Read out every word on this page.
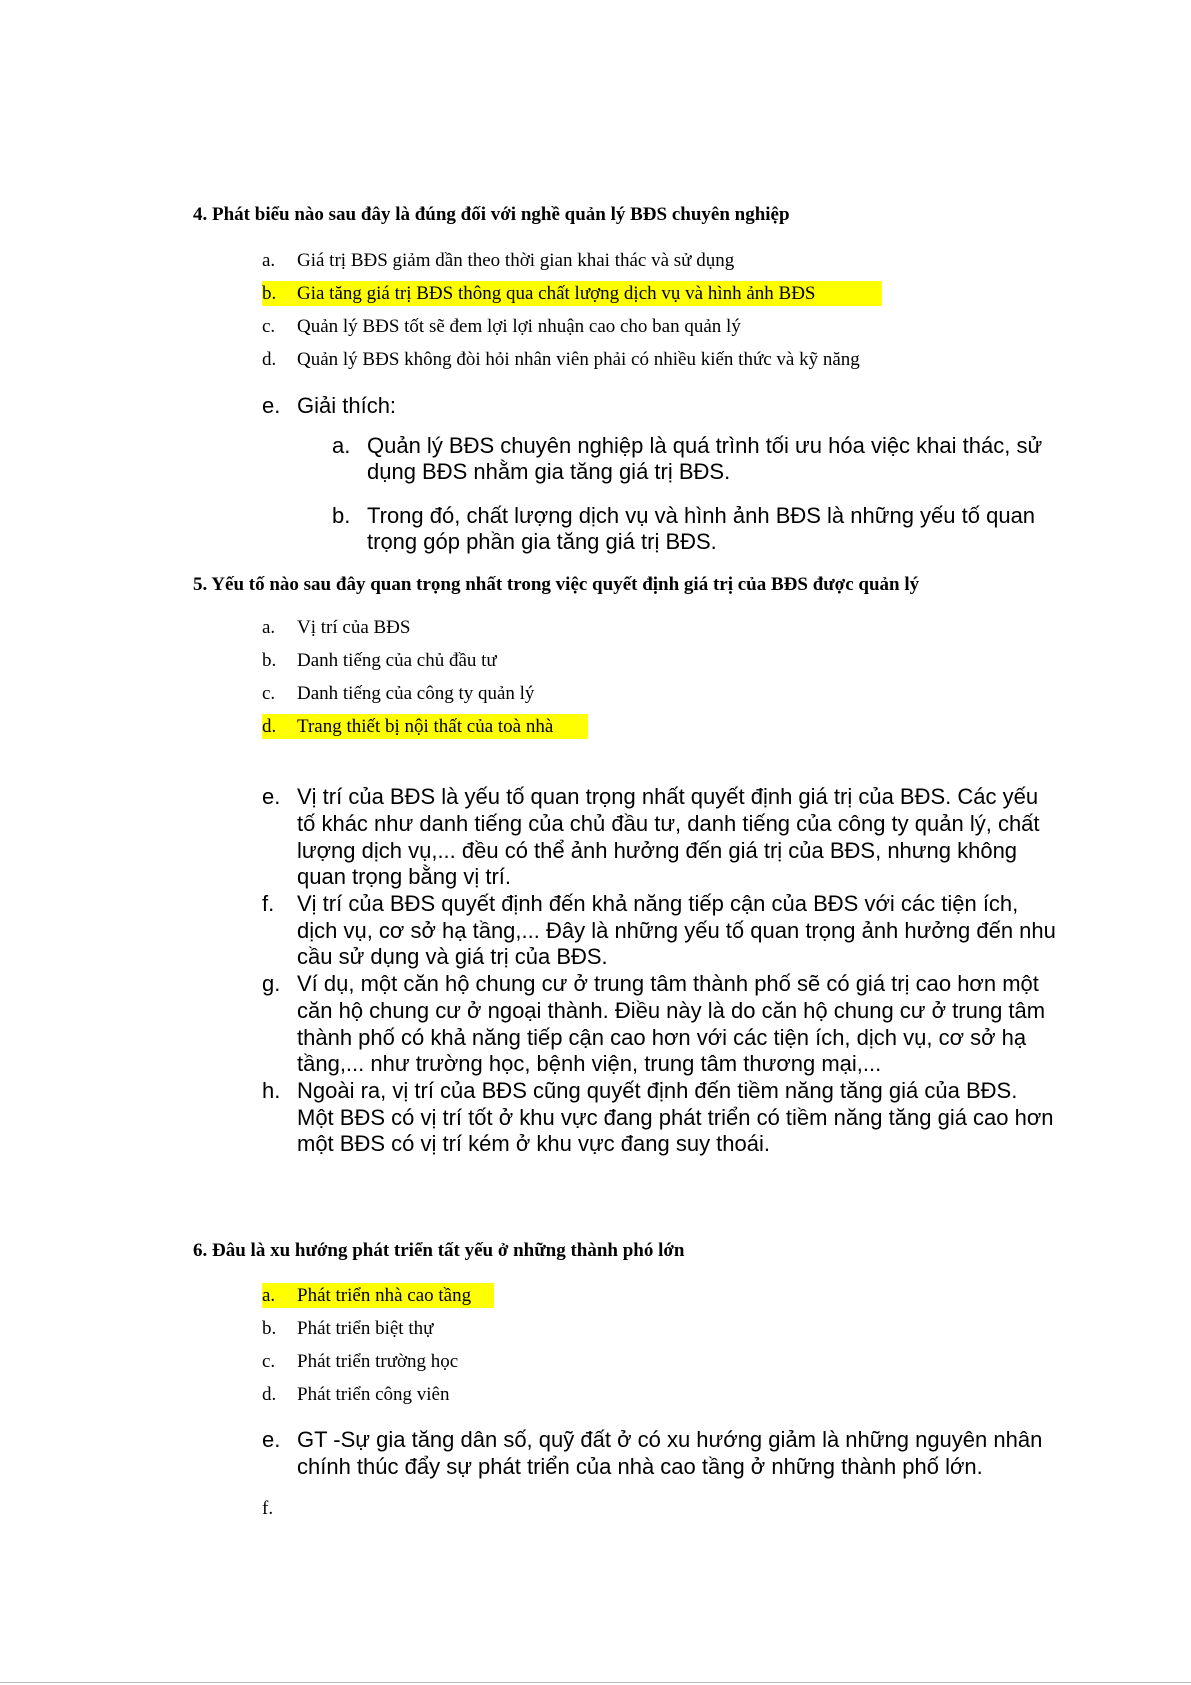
4. Phát biểu nào sau đây là đúng đối với nghề quản lý BĐS chuyên nghiệp
a. Giá trị BĐS giảm dần theo thời gian khai thác và sử dụng
b. Gia tăng giá trị BĐS thông qua chất lượng dịch vụ và hình ảnh BĐS
c. Quản lý BĐS tốt sẽ đem lợi lợi nhuận cao cho ban quản lý
d. Quản lý BĐS không đòi hỏi nhân viên phải có nhiều kiến thức và kỹ năng
e. Giải thích:
a. Quản lý BĐS chuyên nghiệp là quá trình tối ưu hóa việc khai thác, sử
dụng BĐS nhằm gia tăng giá trị BĐS.
b. Trong đó, chất lượng dịch vụ và hình ảnh BĐS là những yếu tố quan
trọng góp phần gia tăng giá trị BĐS.
5. Yếu tố nào sau đây quan trọng nhất trong việc quyết định giá trị của BĐS được quản lý
a. Vị trí của BĐS
b. Danh tiếng của chủ đầu tư
c. Danh tiếng của công ty quản lý
d. Trang thiết bị nội thất của toà nhà
e. Vị trí của BĐS là yếu tố quan trọng nhất quyết định giá trị của BĐS. Các yếu
tố khác như danh tiếng của chủ đầu tư, danh tiếng của công ty quản lý, chất
lượng dịch vụ,... đều có thể ảnh hưởng đến giá trị của BĐS, nhưng không
quan trọng bằng vị trí.
f. Vị trí của BĐS quyết định đến khả năng tiếp cận của BĐS với các tiện ích,
dịch vụ, cơ sở hạ tầng,... Đây là những yếu tố quan trọng ảnh hưởng đến nhu
cầu sử dụng và giá trị của BĐS.
g. Ví dụ, một căn hộ chung cư ở trung tâm thành phố sẽ có giá trị cao hơn một
căn hộ chung cư ở ngoại thành. Điều này là do căn hộ chung cư ở trung tâm
thành phố có khả năng tiếp cận cao hơn với các tiện ích, dịch vụ, cơ sở hạ
tầng,... như trường học, bệnh viện, trung tâm thương mại,...
h. Ngoài ra, vị trí của BĐS cũng quyết định đến tiềm năng tăng giá của BĐS.
Một BĐS có vị trí tốt ở khu vực đang phát triển có tiềm năng tăng giá cao hơn
một BĐS có vị trí kém ở khu vực đang suy thoái.
6. Đâu là xu hướng phát triển tất yếu ở những thành phó lớn
a. Phát triển nhà cao tầng
b. Phát triển biệt thự
c. Phát triển trường học
d. Phát triển công viên
e. GT -Sự gia tăng dân số, quỹ đất ở có xu hướng giảm là những nguyên nhân
chính thúc đẩy sự phát triển của nhà cao tầng ở những thành phố lớn.
f.
